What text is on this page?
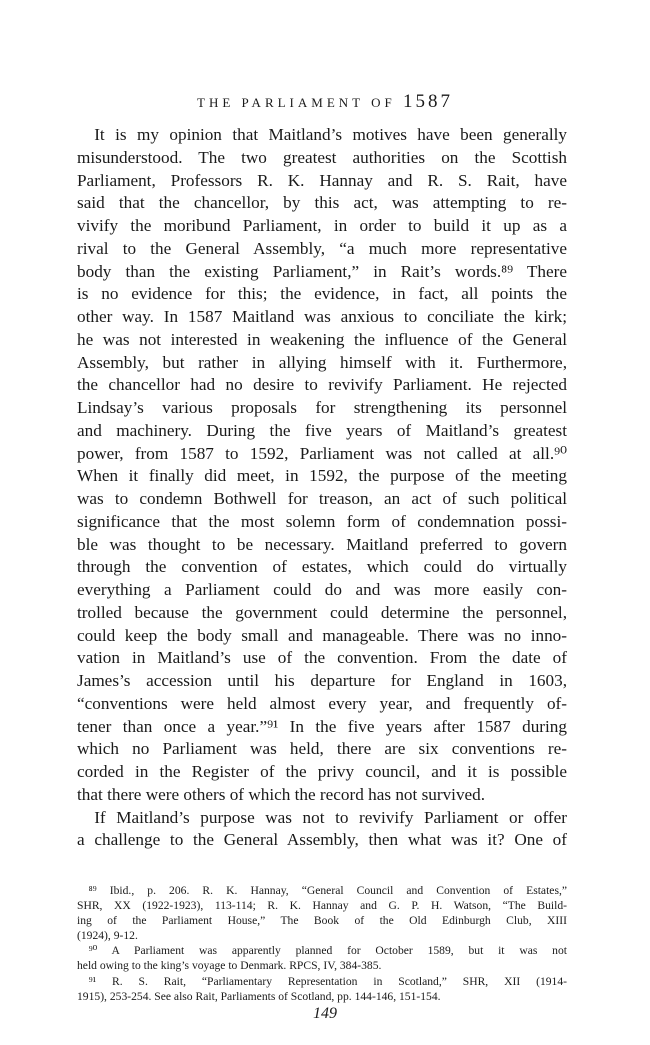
THE PARLIAMENT OF 1587
 It is my opinion that Maitland’s motives have been generally
misunderstood. The two greatest authorities on the Scottish
Parliament, Professors R. K. Hannay and R. S. Rait, have
said that the chancellor, by this act, was attempting to re-
vivify the moribund Parliament, in order to build it up as a
rival to the General Assembly, “a much more representative
body than the existing Parliament,” in Rait’s words.⁸⁹ There
is no evidence for this; the evidence, in fact, all points the
other way. In 1587 Maitland was anxious to conciliate the kirk;
he was not interested in weakening the influence of the General
Assembly, but rather in allying himself with it. Furthermore,
the chancellor had no desire to revivify Parliament. He rejected
Lindsay’s various proposals for strengthening its personnel
and machinery. During the five years of Maitland’s greatest
power, from 1587 to 1592, Parliament was not called at all.⁹⁰
When it finally did meet, in 1592, the purpose of the meeting
was to condemn Bothwell for treason, an act of such political
significance that the most solemn form of condemnation possi-
ble was thought to be necessary. Maitland preferred to govern
through the convention of estates, which could do virtually
everything a Parliament could do and was more easily con-
trolled because the government could determine the personnel,
could keep the body small and manageable. There was no inno-
vation in Maitland’s use of the convention. From the date of
James’s accession until his departure for England in 1603,
“conventions were held almost every year, and frequently of-
tener than once a year.”⁹¹ In the five years after 1587 during
which no Parliament was held, there are six conventions re-
corded in the Register of the privy council, and it is possible
that there were others of which the record has not survived.
 If Maitland’s purpose was not to revivify Parliament or offer
a challenge to the General Assembly, then what was it? One of
 ⁸⁹ Ibid., p. 206. R. K. Hannay, “General Council and Convention of Estates,”
SHR, XX (1922-1923), 113-114; R. K. Hannay and G. P. H. Watson, “The Build-
ing of the Parliament House,” The Book of the Old Edinburgh Club, XIII
(1924), 9-12.
 ⁹⁰ A Parliament was apparently planned for October 1589, but it was not
held owing to the king’s voyage to Denmark. RPCS, IV, 384-385.
 ⁹¹ R. S. Rait, “Parliamentary Representation in Scotland,” SHR, XII (1914-
1915), 253-254. See also Rait, Parliaments of Scotland, pp. 144-146, 151-154.
149
